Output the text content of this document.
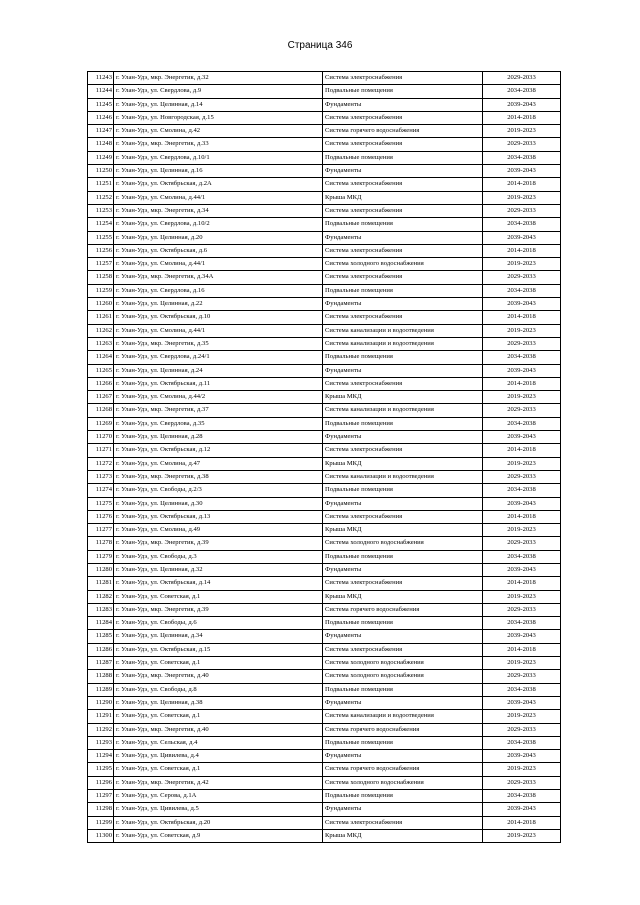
Страница 346
11243	г. Улан-Удэ, мкр. Энергетик, д.32	Система электроснабжения	2029-2033
11244	г. Улан-Удэ, ул. Свердлова, д.9	Подвальные помещения	2034-2038
11245	г. Улан-Удэ, ул. Целинная, д.14	Фундаменты	2039-2043
11246	г. Улан-Удэ, ул. Новгородская, д.15	Система электроснабжения	2014-2018
11247	г. Улан-Удэ, ул. Смолина, д.42	Система горячего водоснабжения	2019-2023
11248	г. Улан-Удэ, мкр. Энергетик, д.33	Система электроснабжения	2029-2033
11249	г. Улан-Удэ, ул. Свердлова, д.10/1	Подвальные помещения	2034-2038
11250	г. Улан-Удэ, ул. Целинная, д.16	Фундаменты	2039-2043
11251	г. Улан-Удэ, ул. Октябрьская, д.2А	Система электроснабжения	2014-2018
11252	г. Улан-Удэ, ул. Смолина, д.44/1	Крыша МКД	2019-2023
11253	г. Улан-Удэ, мкр. Энергетик, д.34	Система электроснабжения	2029-2033
11254	г. Улан-Удэ, ул. Свердлова, д.10/2	Подвальные помещения	2034-2038
11255	г. Улан-Удэ, ул. Целинная, д.20	Фундаменты	2039-2043
11256	г. Улан-Удэ, ул. Октябрьская, д.6	Система электроснабжения	2014-2018
11257	г. Улан-Удэ, ул. Смолина, д.44/1	Система холодного водоснабжения	2019-2023
11258	г. Улан-Удэ, мкр. Энергетик, д.34А	Система электроснабжения	2029-2033
11259	г. Улан-Удэ, ул. Свердлова, д.16	Подвальные помещения	2034-2038
11260	г. Улан-Удэ, ул. Целинная, д.22	Фундаменты	2039-2043
11261	г. Улан-Удэ, ул. Октябрьская, д.10	Система электроснабжения	2014-2018
11262	г. Улан-Удэ, ул. Смолина, д.44/1	Система канализации и водоотведения	2019-2023
11263	г. Улан-Удэ, мкр. Энергетик, д.35	Система канализации и водоотведения	2029-2033
11264	г. Улан-Удэ, ул. Свердлова, д.24/1	Подвальные помещения	2034-2038
11265	г. Улан-Удэ, ул. Целинная, д.24	Фундаменты	2039-2043
11266	г. Улан-Удэ, ул. Октябрьская, д.11	Система электроснабжения	2014-2018
11267	г. Улан-Удэ, ул. Смолина, д.44/2	Крыша МКД	2019-2023
11268	г. Улан-Удэ, мкр. Энергетик, д.37	Система канализации и водоотведения	2029-2033
11269	г. Улан-Удэ, ул. Свердлова, д.35	Подвальные помещения	2034-2038
11270	г. Улан-Удэ, ул. Целинная, д.28	Фундаменты	2039-2043
11271	г. Улан-Удэ, ул. Октябрьская, д.12	Система электроснабжения	2014-2018
11272	г. Улан-Удэ, ул. Смолина, д.47	Крыша МКД	2019-2023
11273	г. Улан-Удэ, мкр. Энергетик, д.38	Система канализации и водоотведения	2029-2033
11274	г. Улан-Удэ, ул. Свободы, д.2/3	Подвальные помещения	2034-2038
11275	г. Улан-Удэ, ул. Целинная, д.30	Фундаменты	2039-2043
11276	г. Улан-Удэ, ул. Октябрьская, д.13	Система электроснабжения	2014-2018
11277	г. Улан-Удэ, ул. Смолина, д.49	Крыша МКД	2019-2023
11278	г. Улан-Удэ, мкр. Энергетик, д.39	Система холодного водоснабжения	2029-2033
11279	г. Улан-Удэ, ул. Свободы, д.3	Подвальные помещения	2034-2038
11280	г. Улан-Удэ, ул. Целинная, д.32	Фундаменты	2039-2043
11281	г. Улан-Удэ, ул. Октябрьская, д.14	Система электроснабжения	2014-2018
11282	г. Улан-Удэ, ул. Советская, д.1	Крыша МКД	2019-2023
11283	г. Улан-Удэ, мкр. Энергетик, д.39	Система горячего водоснабжения	2029-2033
11284	г. Улан-Удэ, ул. Свободы, д.6	Подвальные помещения	2034-2038
11285	г. Улан-Удэ, ул. Целинная, д.34	Фундаменты	2039-2043
11286	г. Улан-Удэ, ул. Октябрьская, д.15	Система электроснабжения	2014-2018
11287	г. Улан-Удэ, ул. Советская, д.1	Система холодного водоснабжения	2019-2023
11288	г. Улан-Удэ, мкр. Энергетик, д.40	Система холодного водоснабжения	2029-2033
11289	г. Улан-Удэ, ул. Свободы, д.8	Подвальные помещения	2034-2038
11290	г. Улан-Удэ, ул. Целинная, д.38	Фундаменты	2039-2043
11291	г. Улан-Удэ, ул. Советская, д.1	Система канализации и водоотведения	2019-2023
11292	г. Улан-Удэ, мкр. Энергетик, д.40	Система горячего водоснабжения	2029-2033
11293	г. Улан-Удэ, ул. Сельская, д.4	Подвальные помещения	2034-2038
11294	г. Улан-Удэ, ул. Цивилева, д.4	Фундаменты	2039-2043
11295	г. Улан-Удэ, ул. Советская, д.1	Система горячего водоснабжения	2019-2023
11296	г. Улан-Удэ, мкр. Энергетик, д.42	Система холодного водоснабжения	2029-2033
11297	г. Улан-Удэ, ул. Серова, д.1А	Подвальные помещения	2034-2038
11298	г. Улан-Удэ, ул. Цивилева, д.5	Фундаменты	2039-2043
11299	г. Улан-Удэ, ул. Октябрьская, д.20	Система электроснабжения	2014-2018
11300	г. Улан-Удэ, ул. Советская, д.9	Крыша МКД	2019-2023
